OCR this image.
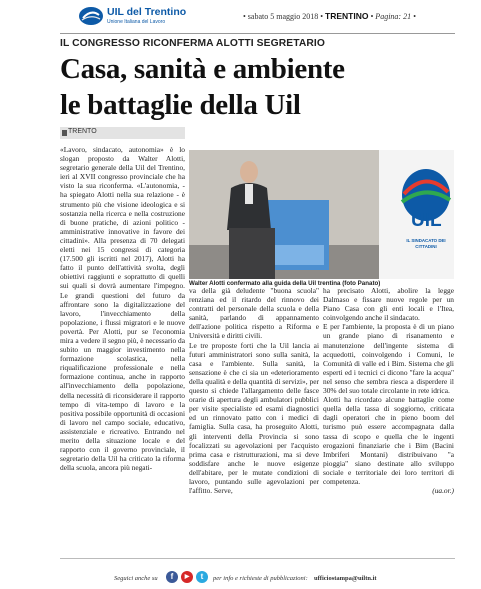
UIL del Trentino
Unione Italiana del Lavoro
• sabato 5 maggio 2018 • TRENTINO • Pagina: 21 •
IL CONGRESSO RICONFERMA ALOTTI SEGRETARIO
Casa, sanità e ambiente
le battaglie della Uil
TRENTO

«Lavoro, sindacato, autonomia» è lo slogan proposto da Walter Alotti, segretario generale della Uil del Trentino, ieri al XVII congresso provinciale che ha visto la sua riconferma. «L'autonomia, - ha spiegato Alotti nella sua relazione - è strumento più che visione ideologica e si sostanzia nella ricerca e nella costruzione di buone pratiche, di azioni politico - amministrative innovative in favore dei cittadini». Alla presenza di 70 delegati eletti nei 15 congressi di categoria (17.500 gli iscritti nel 2017), Alotti ha fatto il punto dell'attività svolta, degli obiettivi raggiunti e soprattutto di quelli sui quali si dovrà aumentare l'impegno. Le grandi questioni del futuro da affrontare sono la digitalizzazione del lavoro, l'invecchiamento della popolazione, i flussi migratori e le nuove povertà. Per Alotti, pur se l'economia mira a vedere il segno più, è necessario da subito un maggior investimento nella formazione scolastica, nella riqualificazione professionale e nella formazione continua, anche in rapporto all'invecchiamento della popolazione, della necessità di riconsiderare il rapporto tempo di vita-tempo di lavoro e la positiva possibile opportunità di occasioni di lavoro nel campo sociale, educativo, assistenziale e ricreativo. Entrando nel merito della situazione locale e del rapporto con il governo provinciale, il segretario della Uil ha criticato la riforma della scuola, ancora più negati-

UIL
IL SINDACATO DEI CITTADINI
Walter Alotti confermato alla guida della Uil trentina (foto Panato)

va della già deludente "buona scuola" renziana ed il ritardo del rinnovo dei contratti del personale della scuola e della sanità, parlando di appannamento dell'azione politica rispetto a Riforma e Università e diritti civili.

Le tre proposte forti che la Uil lancia ai futuri amministratori sono sulla sanità, la casa e l'ambiente. Sulla sanità, la sensazione è che ci sia un «deterioramento della qualità e della quantità di servizi», per questo si chiede l'allargamento delle fasce orarie di apertura degli ambulatori pubblici per visite specialiste ed esami diagnostici ed un rinnovato patto con i medici di famiglia. Sulla casa, ha proseguito Alotti, gli interventi della Provincia si sono focalizzati su agevolazioni per l'acquisto prima casa e ristrutturazioni, ma si deve soddisfare anche le nuove esigenze dell'abitare, per le mutate condizioni di lavoro, puntando sulle agevolazioni per l'affitto. Serve,

ha precisato Alotti, abolire la legge Dalmaso e fissare nuove regole per un Piano Casa con gli enti locali e l'Itea, coinvolgendo anche il sindacato.

E per l'ambiente, la proposta è di un piano un grande piano di risanamento e manutenzione dell'ingente sistema di acquedotti, coinvolgendo i Comuni, le Comunità di valle ed i Bim. Sistema che gli esperti ed i tecnici ci dicono "fare la acqua" nel senso che sembra riesca a disperdere il 30% del suo totale circolante in rete idrica.

Alotti ha ricordato alcune battaglie come quella della tassa di soggiorno, criticata dagli operatori che in pieno boom del turismo può essere accompagnata dalla tassa di scopo e quella che le ingenti erogazioni finanziarie che i Bim (Bacini Imbriferi Montani) distribuivano "a pioggia" siano destinate allo sviluppo sociale e territoriale dei loro territori di competenza.

(ua.or.)

Seguici anche su	f	▶	t	per info e richieste di pubblicazioni: ufficiostampa@uiltn.it
